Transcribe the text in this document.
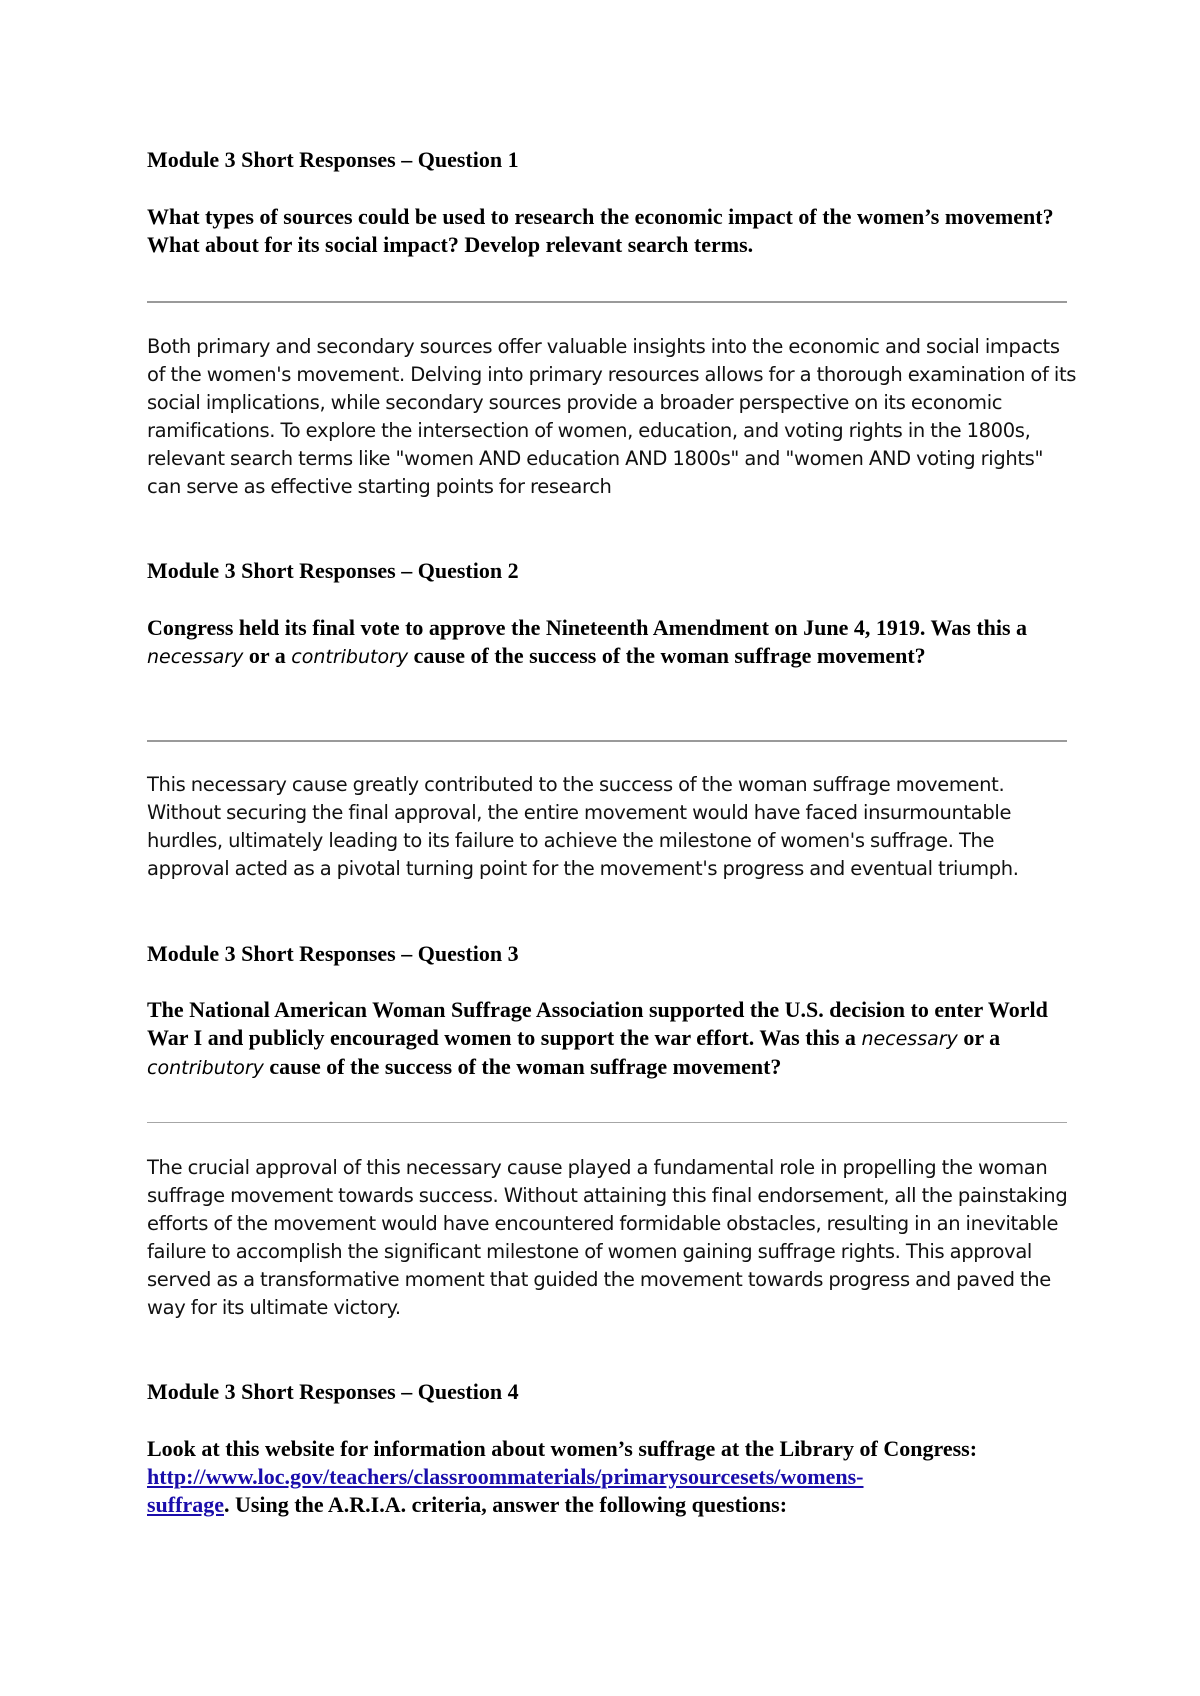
Module 3 Short Responses – Question 1

What types of sources could be used to research the economic impact of the women’s movement? What about for its social impact? Develop relevant search terms.

Both primary and secondary sources offer valuable insights into the economic and social impacts of the women's movement. Delving into primary resources allows for a thorough examination of its social implications, while secondary sources provide a broader perspective on its economic ramifications. To explore the intersection of women, education, and voting rights in the 1800s, relevant search terms like "women AND education AND 1800s" and "women AND voting rights" can serve as effective starting points for research

Module 3 Short Responses – Question 2

Congress held its final vote to approve the Nineteenth Amendment on June 4, 1919. Was this a necessary or a contributory cause of the success of the woman suffrage movement?

This necessary cause greatly contributed to the success of the woman suffrage movement. Without securing the final approval, the entire movement would have faced insurmountable hurdles, ultimately leading to its failure to achieve the milestone of women's suffrage. The approval acted as a pivotal turning point for the movement's progress and eventual triumph.

Module 3 Short Responses – Question 3

The National American Woman Suffrage Association supported the U.S. decision to enter World War I and publicly encouraged women to support the war effort. Was this a necessary or a contributory cause of the success of the woman suffrage movement?

The crucial approval of this necessary cause played a fundamental role in propelling the woman suffrage movement towards success. Without attaining this final endorsement, all the painstaking efforts of the movement would have encountered formidable obstacles, resulting in an inevitable failure to accomplish the significant milestone of women gaining suffrage rights. This approval served as a transformative moment that guided the movement towards progress and paved the way for its ultimate victory.

Module 3 Short Responses – Question 4

Look at this website for information about women’s suffrage at the Library of Congress: http://www.loc.gov/teachers/classroommaterials/primarysourcesets/womens-
suffrage. Using the A.R.I.A. criteria, answer the following questions:
